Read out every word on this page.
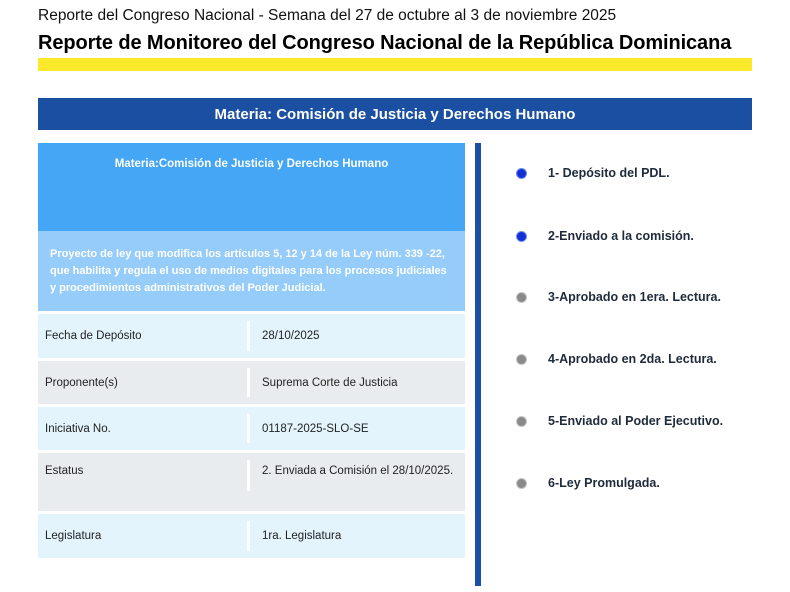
Reporte del Congreso Nacional - Semana del 27 de octubre al 3 de noviembre 2025
Reporte de Monitoreo del Congreso Nacional de la República Dominicana
Materia: Comisión de Justicia y Derechos Humano
Materia:Comisión de Justicia y Derechos Humano
Proyecto de ley que modifica los artículos 5, 12 y 14 de la Ley núm. 339 -22, que habilita y regula el uso de medios digitales para los procesos judiciales y procedimientos administrativos del Poder Judicial.
Fecha de Depósito	28/10/2025
Proponente(s)	Suprema Corte de Justicia
Iniciativa No.	01187-2025-SLO-SE
Estatus	2. Enviada a Comisión el 28/10/2025.
Legislatura	1ra. Legislatura
1- Depósito del PDL.
2-Enviado a la comisión.
3-Aprobado en 1era. Lectura.
4-Aprobado en 2da. Lectura.
5-Enviado al Poder Ejecutivo.
6-Ley Promulgada.
